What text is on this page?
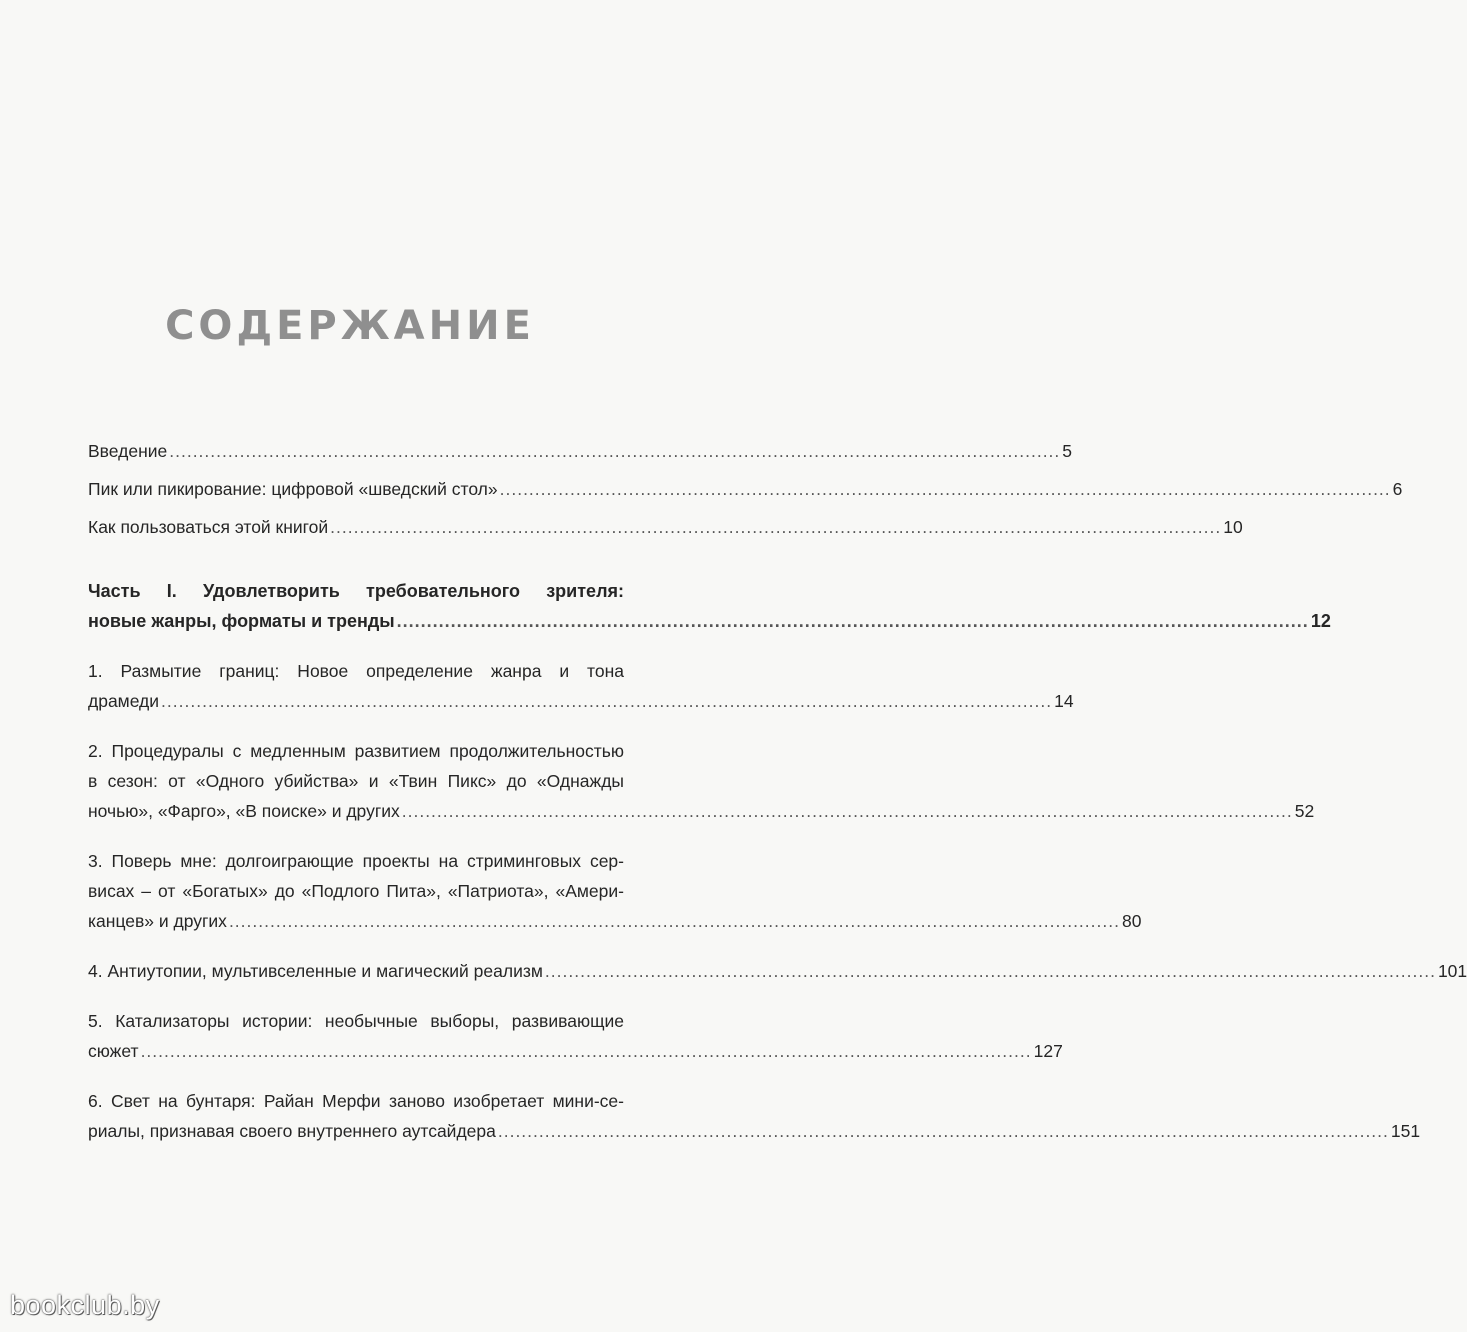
СОДЕРЖАНИЕ
Введение ........................................................................................................................................................ 5
Пик или пикирование: цифровой «шведский стол» ........................................................................................................................................................ 6
Как пользоваться этой книгой ........................................................................................................................................................ 10
Часть I. Удовлетворить требовательного зрителя:
новые жанры, форматы и тренды ........................................................................................................................................................ 12
1. Размытие границ: Новое определение жанра и тона
драмеди ........................................................................................................................................................ 14
2. Процедуралы с медленным развитием продолжительностью
в сезон: от «Одного убийства» и «Твин Пикс» до «Однажды
ночью», «Фарго», «В поиске» и других ........................................................................................................................................................ 52
3. Поверь мне: долгоиграющие проекты на стриминговых сер-
висах – от «Богатых» до «Подлого Пита», «Патриота», «Амери-
канцев» и других ........................................................................................................................................................ 80
4. Антиутопии, мультивселенные и магический реализм ........................................................................................................................................................ 101
5. Катализаторы истории: необычные выборы, развивающие
сюжет ........................................................................................................................................................ 127
6. Свет на бунтаря: Райан Мерфи заново изобретает мини-се-
риалы, признавая своего внутреннего аутсайдера ........................................................................................................................................................ 151
bookclub.by
